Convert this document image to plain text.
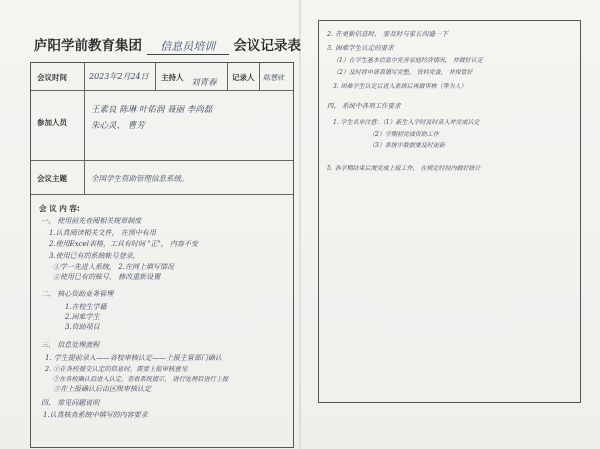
庐阳学前教育集团 信息员培训 会议记录表
会议时间	2023年2月24日 主持人
刘青春
记录人 陈慧欣
参加人员
王素良 陈琳 叶佑润 聂丽 李尚磊
朱心灵、 曹芳
会议主题	全国学生资助管理信息系统。
会 议 内 容:
一、 使用前先查阅相关规章制度
1.认真阅读相关文件， 在预中有用
2.使用Excel表格，工具有时间 "正"， 内容不变
3.使用已有的系统帐号登录，
①学一先进人系统， 2.在网上填写情况
②使用已有的账号， 修改重新设置
二、 核心资助业务管理
1.在校生学籍
2.困难学生
3.资助项目
三、 信息处理流程
1. 学生提前录入——各校审核认定——上报主管部门确认
2. ①在各校提交认定的信息时，需要上报审核意见
②在各校确认后进入认定，查看系统提示， 进行处理后进行上报
③在上报确认后由区级审核认定
四、 常见问题说明
1.认真核查系统中填写的内容要求
2. 在更新信息时， 要及时与家长沟通一下
3. 困难学生认定的要求
（1）在学生基本信息中完善家庭经济情况， 并做好认定
（2）及时将申请表填写完整， 资料完备， 并保管好
3. 困难学生认定后进入系统后再做审核（等为人）
四、 系统中各项工作要求
1. 学生名单注意：（1）新生入学时及时录入并完成认定
（2）学期初完成资助工作
（3）系统中数据要及时更新
5. 各学期结束后需完成上报工作， 在规定时间内做好统计
